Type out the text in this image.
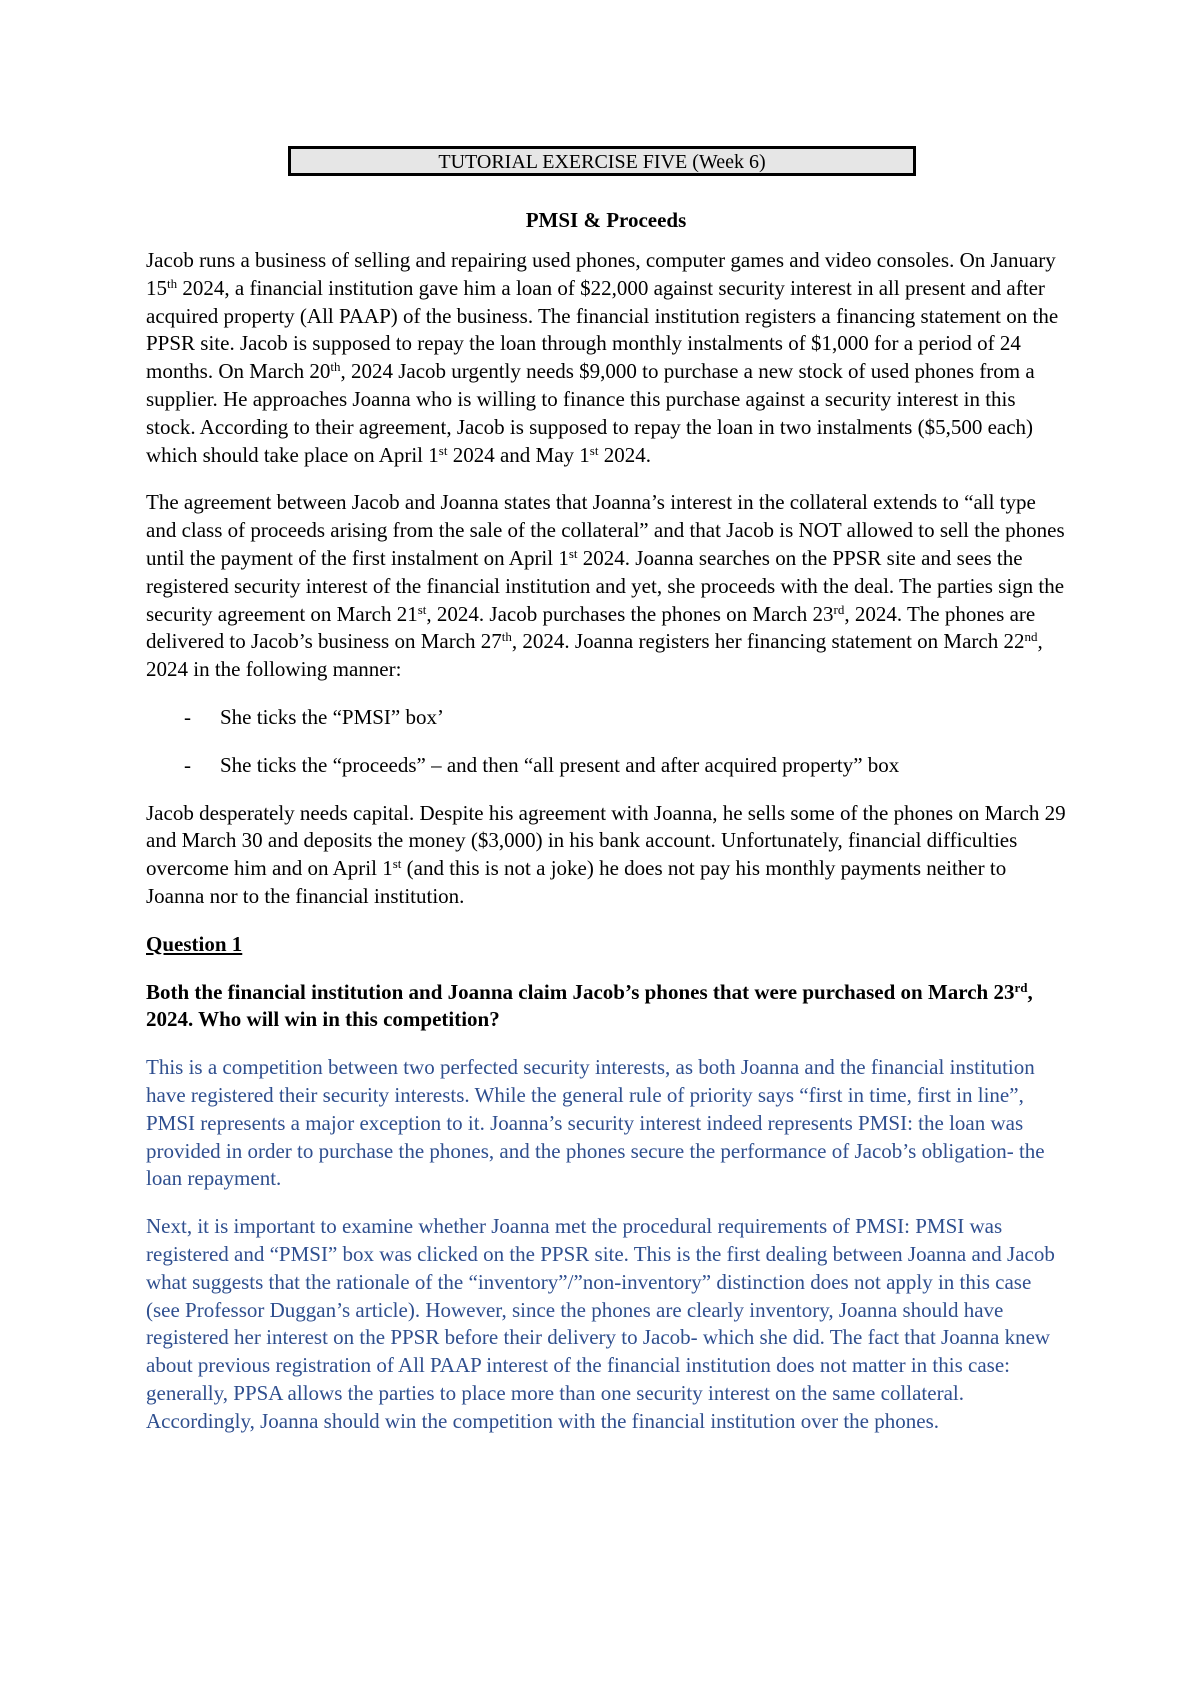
TUTORIAL EXERCISE FIVE (Week 6)
PMSI & Proceeds

Jacob runs a business of selling and repairing used phones, computer games and video consoles. On January 15th 2024, a financial institution gave him a loan of $22,000 against security interest in all present and after acquired property (All PAAP) of the business. The financial institution registers a financing statement on the PPSR site. Jacob is supposed to repay the loan through monthly instalments of $1,000 for a period of 24 months. On March 20th, 2024 Jacob urgently needs $9,000 to purchase a new stock of used phones from a supplier. He approaches Joanna who is willing to finance this purchase against a security interest in this stock. According to their agreement, Jacob is supposed to repay the loan in two instalments ($5,500 each) which should take place on April 1st 2024 and May 1st 2024.

The agreement between Jacob and Joanna states that Joanna’s interest in the collateral extends to “all type and class of proceeds arising from the sale of the collateral” and that Jacob is NOT allowed to sell the phones until the payment of the first instalment on April 1st 2024. Joanna searches on the PPSR site and sees the registered security interest of the financial institution and yet, she proceeds with the deal. The parties sign the security agreement on March 21st, 2024. Jacob purchases the phones on March 23rd, 2024. The phones are delivered to Jacob’s business on March 27th, 2024. Joanna registers her financing statement on March 22nd, 2024 in the following manner:

-	She ticks the “PMSI” box’
-	She ticks the “proceeds” – and then “all present and after acquired property” box

Jacob desperately needs capital. Despite his agreement with Joanna, he sells some of the phones on March 29 and March 30 and deposits the money ($3,000) in his bank account. Unfortunately, financial difficulties overcome him and on April 1st (and this is not a joke) he does not pay his monthly payments neither to Joanna nor to the financial institution.

Question 1

Both the financial institution and Joanna claim Jacob’s phones that were purchased on March 23rd, 2024. Who will win in this competition?

This is a competition between two perfected security interests, as both Joanna and the financial institution have registered their security interests. While the general rule of priority says “first in time, first in line”, PMSI represents a major exception to it. Joanna’s security interest indeed represents PMSI: the loan was provided in order to purchase the phones, and the phones secure the performance of Jacob’s obligation- the loan repayment.

Next, it is important to examine whether Joanna met the procedural requirements of PMSI: PMSI was registered and “PMSI” box was clicked on the PPSR site. This is the first dealing between Joanna and Jacob what suggests that the rationale of the “inventory”/”non-inventory” distinction does not apply in this case (see Professor Duggan’s article). However, since the phones are clearly inventory, Joanna should have registered her interest on the PPSR before their delivery to Jacob- which she did. The fact that Joanna knew about previous registration of All PAAP interest of the financial institution does not matter in this case: generally, PPSA allows the parties to place more than one security interest on the same collateral. Accordingly, Joanna should win the competition with the financial institution over the phones.
